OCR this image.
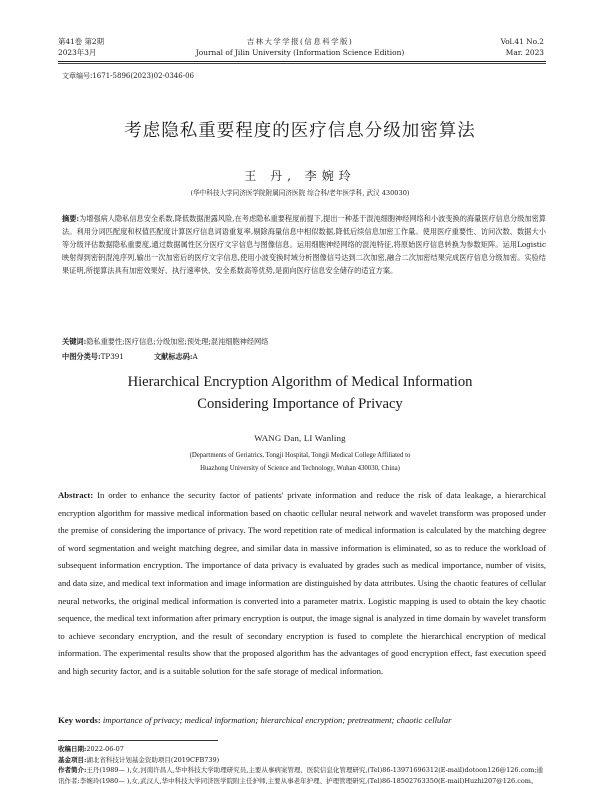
第41卷 第2期
2023年3月
吉林大学学报(信息科学版)
Journal of Jilin University (Information Science Edition)
Vol.41 No.2
Mar. 2023
文章编号:1671-5896(2023)02-0346-06
考虑隐私重要程度的医疗信息分级加密算法
王 丹, 李婉玲
(华中科技大学同济医学院附属同济医院 综合科/老年医学科, 武汉 430030)
摘要:为增强病人隐私信息安全系数,降低数据泄露风险,在考虑隐私重要程度前提下,提出一种基于混沌细胞神经网络和小波变换的海量医疗信息分级加密算法。利用分词匹配度和权值匹配度计算医疗信息词语重复率,剔除海量信息中相似数据,降低后续信息加密工作量。使用医疗重要性、访问次数、数据大小等分级评估数据隐私重要度,通过数据属性区分医疗文字信息与图像信息。运用细胞神经网络的混沌特征,将原始医疗信息转换为参数矩阵。运用Logistic映射得到密钥混沌序列,输出一次加密后的医疗文字信息,使用小波变换时域分析图像信号达到二次加密,融合二次加密结果完成医疗信息分级加密。实验结果证明,所提算法具有加密效果好、执行速率快、安全系数高等优势,是面向医疗信息安全储存的适宜方案。
关键词:隐私重要性;医疗信息;分级加密;预处理;混沌细胞神经网络
中图分类号:TP391	文献标志码:A
Hierarchical Encryption Algorithm of Medical Information
Considering Importance of Privacy
WANG Dan, LI Wanling
(Departments of Geriatrics, Tongji Hospital, Tongji Medical College Affiliated to
Huazhong University of Science and Technology, Wuhan 430030, China)
Abstract: In order to enhance the security factor of patients' private information and reduce the risk of data leakage, a hierarchical encryption algorithm for massive medical information based on chaotic cellular neural network and wavelet transform was proposed under the premise of considering the importance of privacy. The word repetition rate of medical information is calculated by the matching degree of word segmentation and weight matching degree, and similar data in massive information is eliminated, so as to reduce the workload of subsequent information encryption. The importance of data privacy is evaluated by grades such as medical importance, number of visits, and data size, and medical text information and image information are distinguished by data attributes. Using the chaotic features of cellular neural networks, the original medical information is converted into a parameter matrix. Logistic mapping is used to obtain the key chaotic sequence, the medical text information after primary encryption is output, the image signal is analyzed in time domain by wavelet transform to achieve secondary encryption, and the result of secondary encryption is fused to complete the hierarchical encryption of medical information. The experimental results show that the proposed algorithm has the advantages of good encryption effect, fast execution speed and high security factor, and is a suitable solution for the safe storage of medical information.
Key words: importance of privacy; medical information; hierarchical encryption; pretreatment; chaotic cellular
收稿日期:2022-06-07
基金项目:湖北省科技计划基金资助项目(2019CFB739)
作者简介:王丹(1989— ),女,河南许昌人,华中科技大学助理研究员,主要从事病案管理、医院信息化管理研究,(Tel)86-13971696312(E-mail)dotoon126@126.com;通讯作者:李婉玲(1980— ),女,武汉人,华中科技大学同济医学院附主任护师,主要从事老年护理、护理管理研究,(Tel)86-18502763350(E-mail)Huzhi207@126.com。
